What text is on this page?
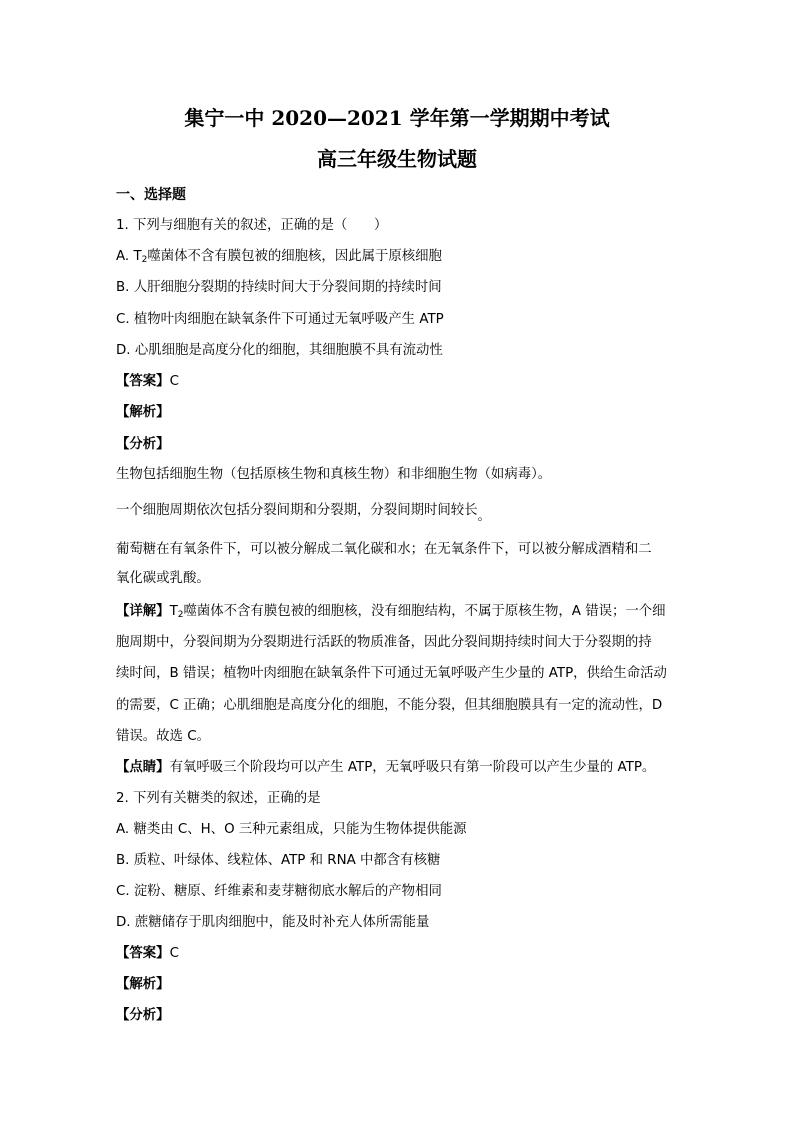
集宁一中 2020—2021 学年第一学期期中考试
高三年级生物试题
一、选择题
1. 下列与细胞有关的叙述，正确的是（　　）
A. $T_2$噬菌体不含有膜包被的细胞核，因此属于原核细胞
B. 人肝细胞分裂期的持续时间大于分裂间期的持续时间
C. 植物叶肉细胞在缺氧条件下可通过无氧呼吸产生 ATP
D. 心肌细胞是高度分化的细胞，其细胞膜不具有流动性
【答案】C
【解析】
【分析】
生物包括细胞生物（包括原核生物和真核生物）和非细胞生物（如病毒）。
一个细胞周期依次包括分裂间期和分裂期，分裂间期时间较长。
葡萄糖在有氧条件下，可以被分解成二氧化碳和水；在无氧条件下，可以被分解成酒精和二
氧化碳或乳酸。
【详解】$T_2$噬菌体不含有膜包被的细胞核，没有细胞结构，不属于原核生物，A 错误；一个细
胞周期中，分裂间期为分裂期进行活跃的物质准备，因此分裂间期持续时间大于分裂期的持
续时间，B 错误；植物叶肉细胞在缺氧条件下可通过无氧呼吸产生少量的 ATP，供给生命活动
的需要，C 正确；心肌细胞是高度分化的细胞，不能分裂，但其细胞膜具有一定的流动性，D
错误。故选 C。
【点睛】有氧呼吸三个阶段均可以产生 ATP，无氧呼吸只有第一阶段可以产生少量的 ATP。
2. 下列有关糖类的叙述，正确的是
A. 糖类由 C、H、O 三种元素组成，只能为生物体提供能源
B. 质粒、叶绿体、线粒体、ATP 和 RNA 中都含有核糖
C. 淀粉、糖原、纤维素和麦芽糖彻底水解后的产物相同
D. 蔗糖储存于肌肉细胞中，能及时补充人体所需能量
【答案】C
【解析】
【分析】
